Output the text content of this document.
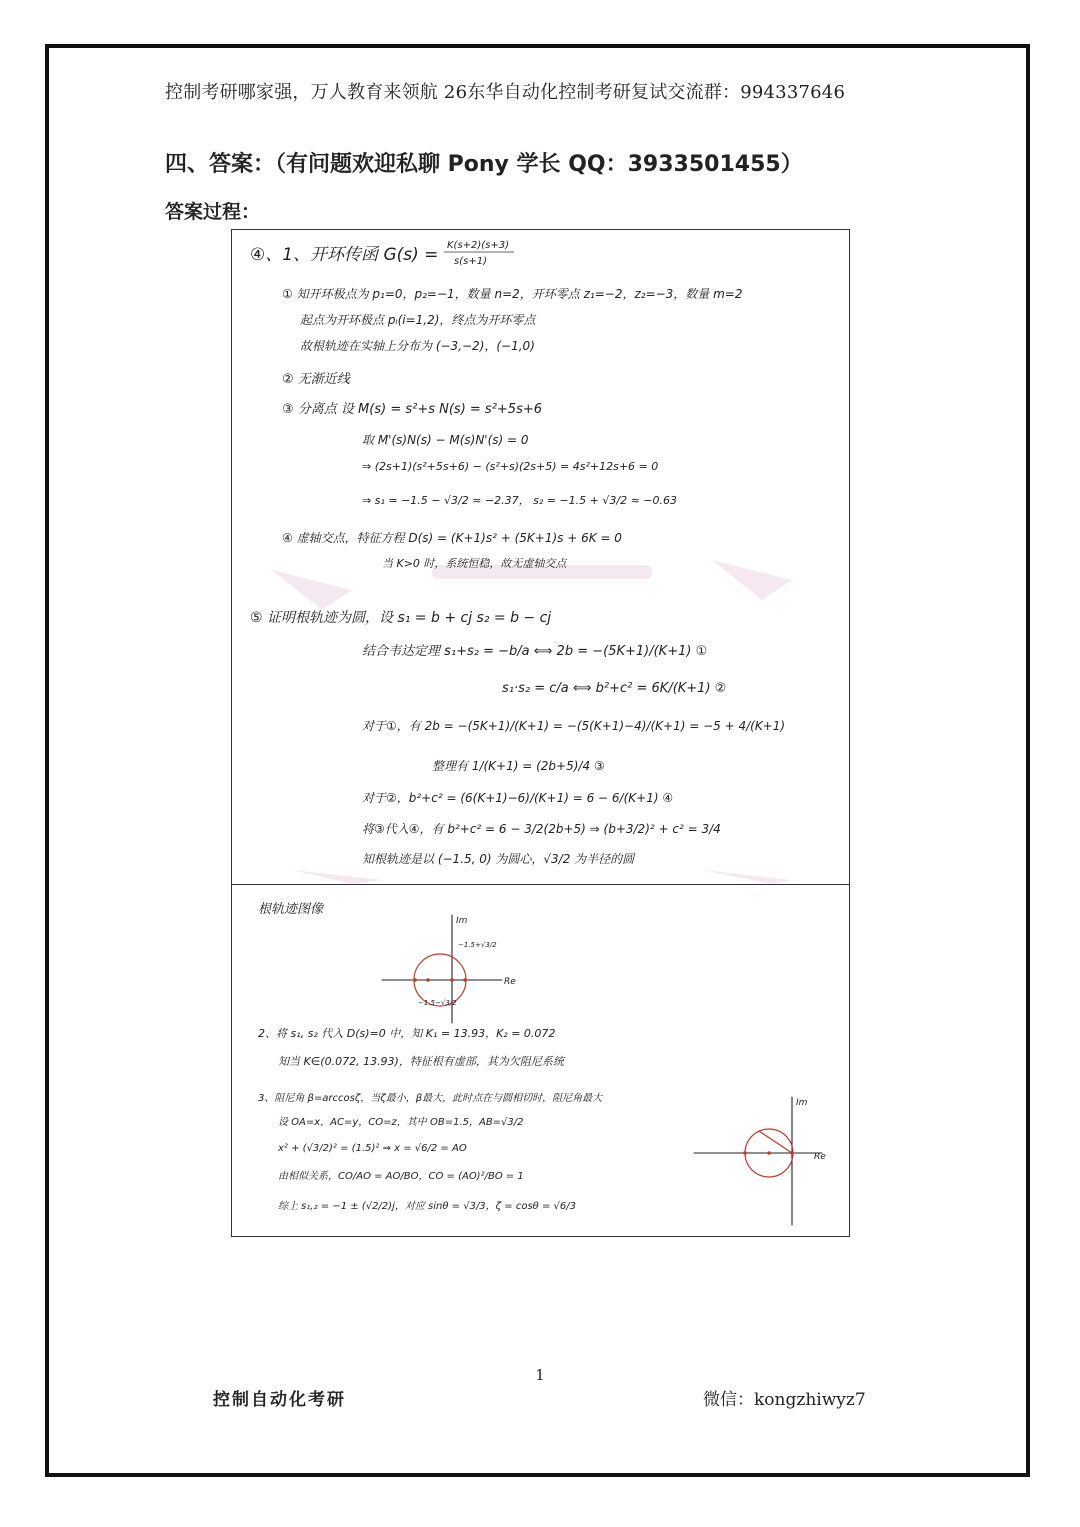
控制考研哪家强，万人教育来领航 26东华自动化控制考研复试交流群：994337646
四、答案：（有问题欢迎私聊 Pony 学长 QQ：3933501455）
答案过程：
④、1、开环传函 G(s) = K(s+2)(s+3)
s(s+1)
① 知开环极点为 p₁=0，p₂=−1，数量 n=2，开环零点 z₁=−2，z₂=−3，数量 m=2
起点为开环极点 pᵢ(i=1,2)，终点为开环零点
故根轨迹在实轴上分布为 (−3,−2)，(−1,0)
② 无渐近线
③ 分离点 设 M(s) = s²+s N(s) = s²+5s+6
取 M'(s)N(s) − M(s)N'(s) = 0
⇒ (2s+1)(s²+5s+6) − (s²+s)(2s+5) = 4s²+12s+6 = 0
⇒ s₁ = −1.5 − √3/2 ≈ −2.37， s₂ = −1.5 + √3/2 ≈ −0.63
④ 虚轴交点，特征方程 D(s) = (K+1)s² + (5K+1)s + 6K = 0
当 K>0 时，系统恒稳，故无虚轴交点
⑤ 证明根轨迹为圆，设 s₁ = b + cj s₂ = b − cj
结合韦达定理 s₁+s₂ = −b/a ⟺ 2b = −(5K+1)/(K+1) ①
s₁·s₂ = c/a ⟺ b²+c² = 6K/(K+1) ②
对于①，有 2b = −(5K+1)/(K+1) = −(5(K+1)−4)/(K+1) = −5 + 4/(K+1)
整理有 1/(K+1) = (2b+5)/4 ③
对于②，b²+c² = (6(K+1)−6)/(K+1) = 6 − 6/(K+1) ④
将③代入④，有 b²+c² = 6 − 3/2(2b+5) ⇒ (b+3/2)² + c² = 3/4
知根轨迹是以 (−1.5, 0) 为圆心，√3/2 为半径的圆
根轨迹图像
Im
Re
−1.5+√3/2
−1.5−√3/2
2、将 s₁, s₂ 代入 D(s)=0 中，知 K₁ = 13.93，K₂ = 0.072
知当 K∈(0.072, 13.93)，特征根有虚部，其为欠阻尼系统
3、阻尼角 β=arccosζ，当ζ最小，β最大，此时点在与圆相切时，阻尼角最大
设 OA=x，AC=y，CO=z，其中 OB=1.5，AB=√3/2
x² + (√3/2)² = (1.5)² ⇒ x = √6/2 = AO
由相似关系，CO/AO = AO/BO，CO = (AO)²/BO = 1
综上 s₁,₂ = −1 ± (√2/2)j，对应 sinθ = √3/3，ζ = cosθ = √6/3
Im
Re
1
控制自动化考研	微信：kongzhiwyz7
